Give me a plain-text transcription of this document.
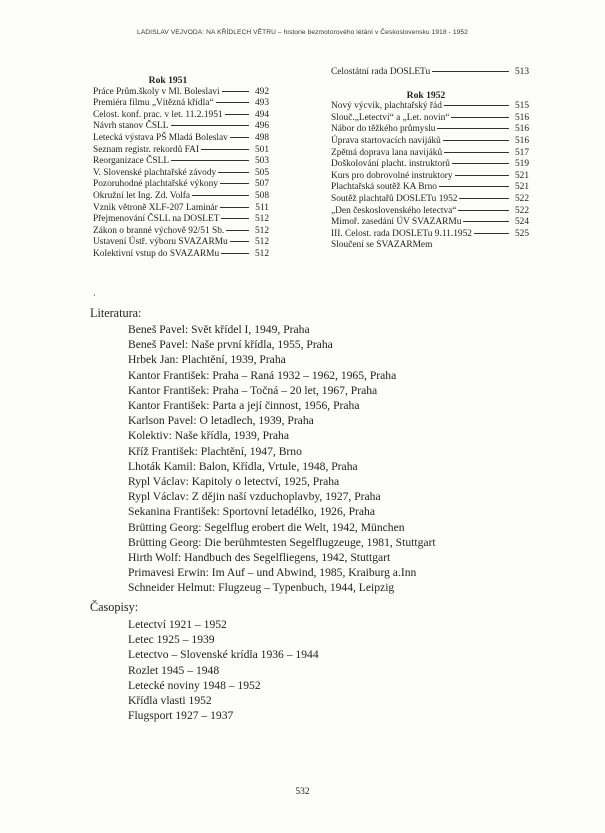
LADISLAV VEJVODA: NA KŘÍDLECH VĚTRU – historie bezmotorového létání v Československu 1918 - 1952
Rok 1951
Práce Prům.školy v Ml. Boleslavi	492
Premiéra filmu „Vítězná křídla“	493
Celost. konf. prac. v let. 11.2.1951	494
Návrh stanov ČSLL	496
Letecká výstava PŠ Mladá Boleslav	498
Seznam registr. rekordů FAI	501
Reorganizace ČSLL	503
V. Slovenské plachtařské závody	505
Pozoruhodné plachtařské výkony	507
Okružní let Ing. Zd. Volfa	508
Vznik větroně XLF-207 Laminár	511
Přejmenování ČSLL na DOSLET	512
Zákon o branné výchově 92/51 Sb.	512
Ustavení Ústř. výboru SVAZARMu	512
Kolektivní vstup do SVAZARMu	512
Celostátní rada DOSLETu	513
Rok 1952
Nový výcvik, plachtařský řád	515
Slouč.„Letectví“ a „Let. novin“	516
Nábor do těžkého průmyslu	516
Úprava startovacích navijáků	516
Zpětná doprava lana navijáků	517
Doškolování placht. instruktorů	519
Kurs pro dobrovolné instruktory	521
Plachtařská soutěž KA Brno	521
Soutěž plachtařů DOSLETu 1952	522
„Den československého letectva“	522
Mimoř. zasedání ÚV SVAZARMu	524
III. Celost. rada DOSLETu 9.11.1952	525
Sloučení se SVAZARMem
·
Literatura:
Beneš Pavel: Svět křídel I, 1949, Praha
Beneš Pavel: Naše první křídla, 1955, Praha
Hrbek Jan: Plachtění, 1939, Praha
Kantor František: Praha – Raná 1932 – 1962, 1965, Praha
Kantor František: Praha – Točná – 20 let, 1967, Praha
Kantor František: Parta a její činnost, 1956, Praha
Karlson Pavel: O letadlech, 1939, Praha
Kolektiv: Naše křídla, 1939, Praha
Kříž František: Plachtění, 1947, Brno
Lhoták Kamil: Balon, Křídla, Vrtule, 1948, Praha
Rypl Václav: Kapitoly o letectví, 1925, Praha
Rypl Václav: Z dějin naší vzduchoplavby, 1927, Praha
Sekanina František: Sportovní letadélko, 1926, Praha
Brütting Georg: Segelflug erobert die Welt, 1942, München
Brütting Georg: Die berühmtesten Segelflugzeuge, 1981, Stuttgart
Hirth Wolf: Handbuch des Segelfliegens, 1942, Stuttgart
Primavesi Erwin: Im Auf – und Abwind, 1985, Kraiburg a.Inn
Schneider Helmut: Flugzeug – Typenbuch, 1944, Leipzig
Časopisy:
Letectví 1921 – 1952
Letec 1925 – 1939
Letectvo – Slovenské krídla 1936 – 1944
Rozlet 1945 – 1948
Letecké noviny 1948 – 1952
Křídla vlasti 1952
Flugsport 1927 – 1937
532
